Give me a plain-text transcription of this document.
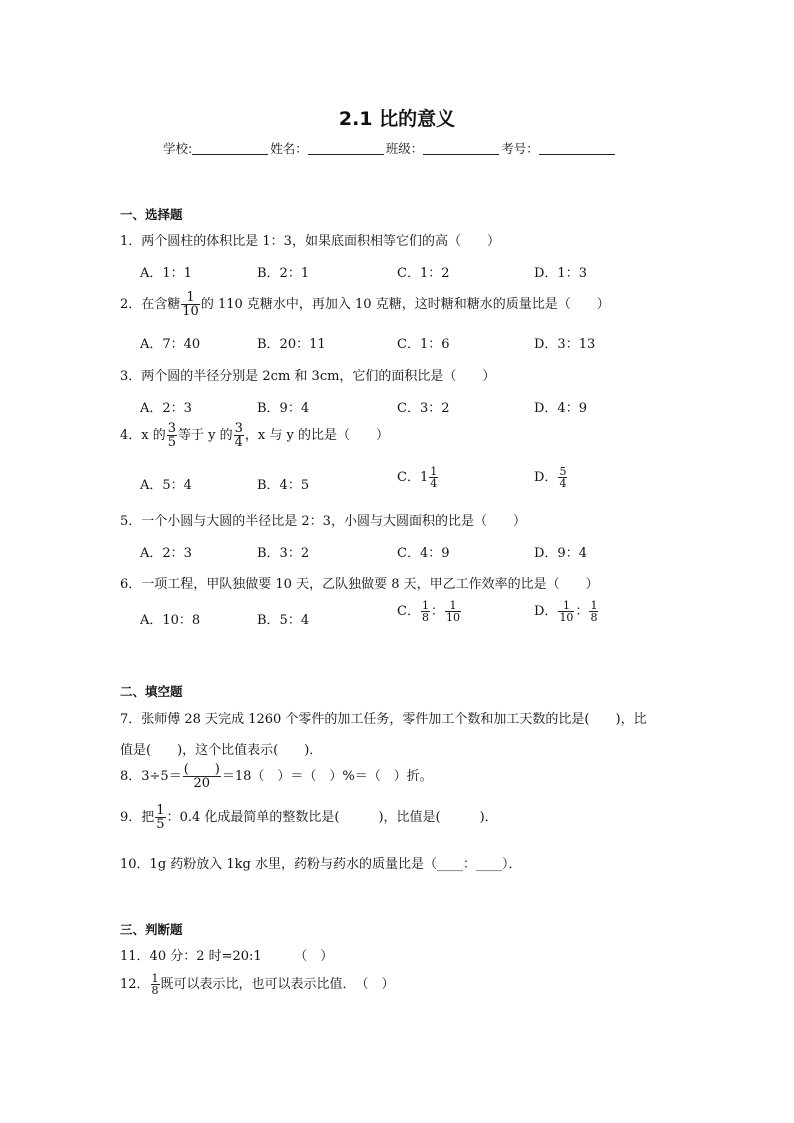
2.1 比的意义
学校:	姓名：	班级：	考号：
一、选择题
1．两个圆柱的体积比是 1：3，如果底面积相等它们的高（　　）
A．1：1	B．2：1	C．1：2	D．1：3
2．在含糖 $\frac{1}{10}$ 的 110 克糖水中，再加入 10 克糖，这时糖和糖水的质量比是（　　）
A．7：40	B．20：11	C．1：6	D．3：13
3．两个圆的半径分别是 2cm 和 3cm，它们的面积比是（　　）
A．2：3	B．9：4	C．3：2	D．4：9
4．x 的 $\frac{3}{5}$ 等于 y 的 $\frac{3}{4}$ ，x 与 y 的比是（　　）
A．5：4	B．4：5
C．$1 \frac{1}{4}$	D． $\frac{5}{4}$
5．一个小圆与大圆的半径比是 2：3，小圆与大圆面积的比是（　　）
A．2：3	B．3：2	C．4：9	D．9：4
6．一项工程，甲队独做要 10 天，乙队独做要 8 天，甲乙工作效率的比是（　　）
A．10：8	B．5：4
C． $\frac{1}{8}$ ： $\frac{1}{10}$	D． $\frac{1}{10}$ ： $\frac{1}{8}$
二、填空题
7．张师傅 28 天完成 1260 个零件的加工任务，零件加工个数和加工天数的比是(　　)，比
值是(　　)，这个比值表示(　　)．
8．$3\div 5= \frac{( )}{20} =18$（　）＝（　）%＝（　）折。
9．把 $\frac{1}{5}$ ：0.4 化成最简单的整数比是(　　　)，比值是(　　　)．
10．1g 药粉放入 1kg 水里，药粉与药水的质量比是（____：____）．
三、判断题
11．40 分：2 时=20:1　　　（　）
12． $\frac{1}{8}$ 既可以表示比，也可以表示比值．　（　）
